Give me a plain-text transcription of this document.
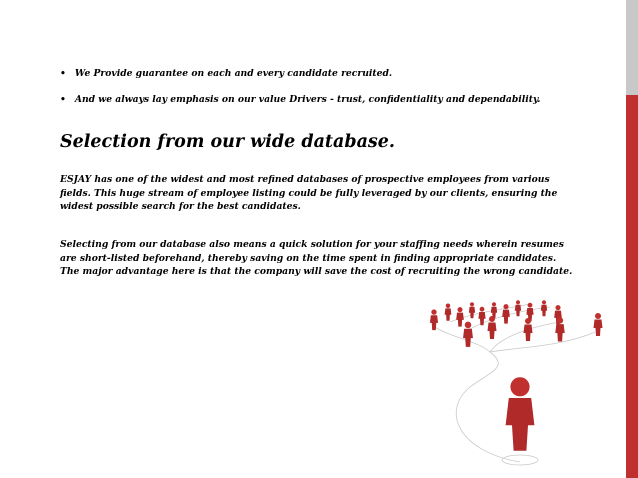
• We Provide guarantee on each and every candidate recruited.
• And we always lay emphasis on our value Drivers - trust, confidentiality and dependability.
Selection from our wide database.
ESJAY has one of the widest and most refined databases of prospective employees from various
fields. This huge stream of employee listing could be fully leveraged by our clients, ensuring the
widest possible search for the best candidates.
Selecting from our database also means a quick solution for your staffing needs wherein resumes
are short-listed beforehand, thereby saving on the time spent in finding appropriate candidates.
The major advantage here is that the company will save the cost of recruiting the wrong candidate.
